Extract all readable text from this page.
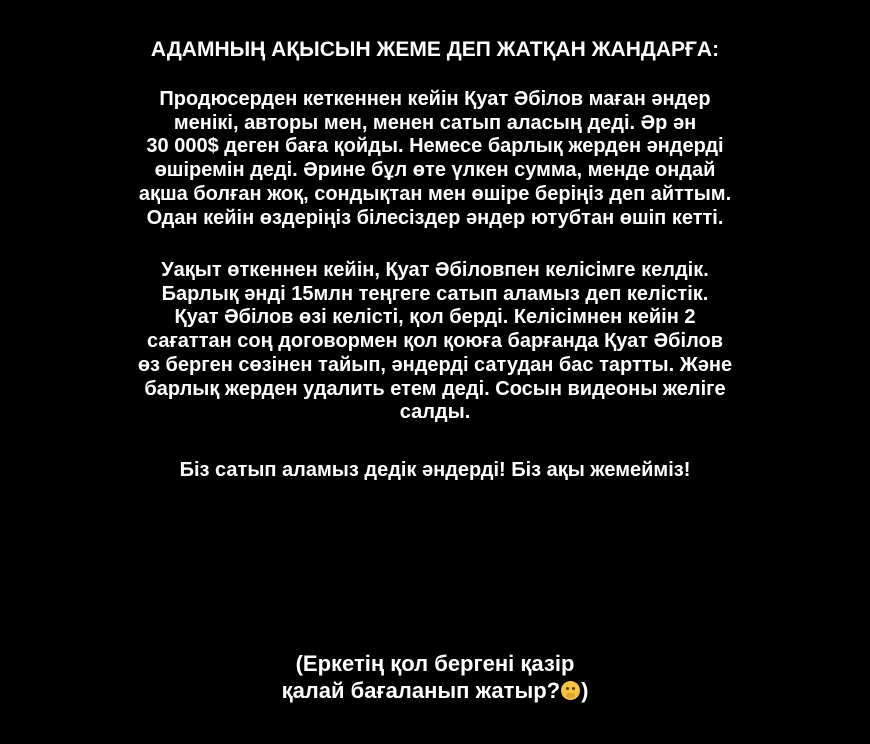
АДАМНЫҢ АҚЫСЫН ЖЕМЕ ДЕП ЖАТҚАН ЖАНДАРҒА:
Продюсерден кеткеннен кейін Қуат Әбілов маған әндер
менікі, авторы мен, менен сатып аласың деді. Әр ән
30 000$ деген баға қойды. Немесе барлық жерден әндерді
өшіремін деді. Әрине бұл өте үлкен сумма, менде ондай
ақша болған жоқ, сондықтан мен өшіре беріңіз деп айттым.
Одан кейін өздеріңіз білесіздер әндер ютубтан өшіп кетті.
Уақыт өткеннен кейін, Қуат Әбіловпен келісімге келдік.
Барлық әнді 15млн теңгеге сатып аламыз деп келістік.
Қуат Әбілов өзі келісті, қол берді. Келісімнен кейін 2
сағаттан соң договормен қол қоюға барғанда Қуат Әбілов
өз берген сөзінен тайып, әндерді сатудан бас тартты. Және
барлық жерден удалить етем деді. Сосын видеоны желіге
салды.
Біз сатып аламыз дедік әндерді! Біз ақы жемейміз!
(Еркетің қол бергені қазір
қалай бағаланып жатыр? )
